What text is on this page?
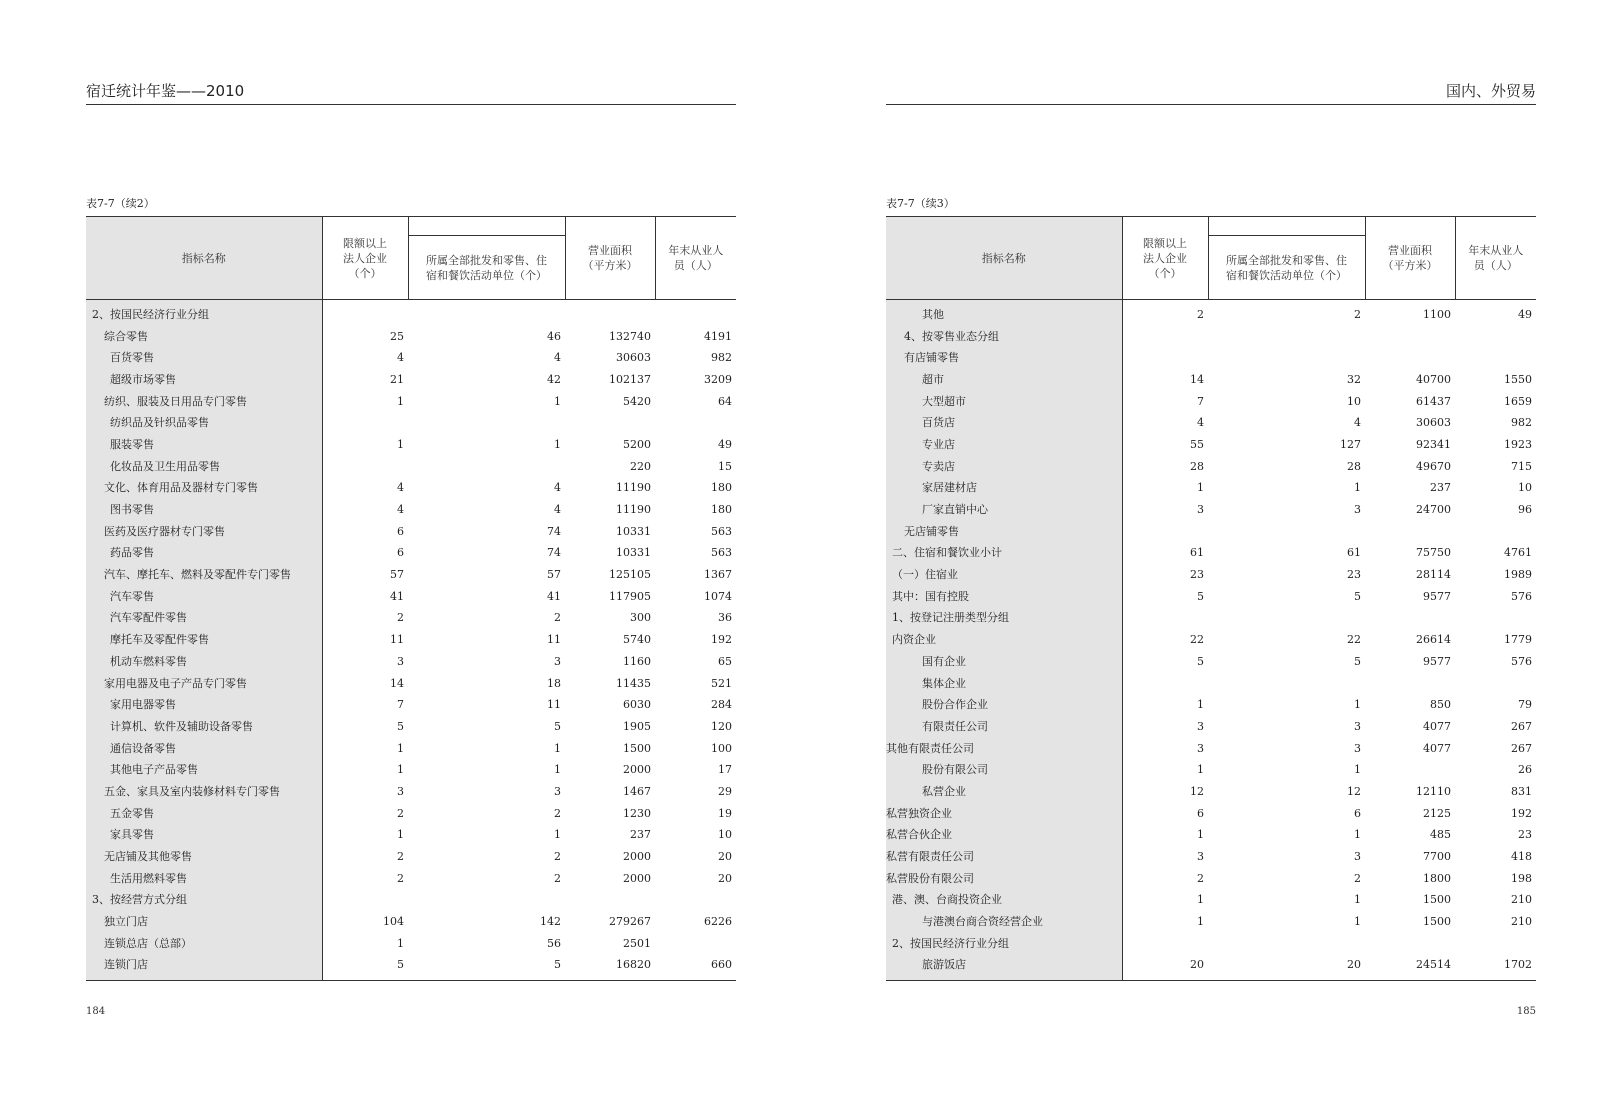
宿迁统计年鉴——2010
表7-7（续2）
指标名称	限额以上
法人企业
（个）		营业面积
（平方米）	年末从业人
员（人）
		所属全部批发和零售、住
宿和餐饮活动单位（个）		
2、按国民经济行业分组				
综合零售	25	46	132740	4191
百货零售	4	4	30603	982
超级市场零售	21	42	102137	3209
纺织、服装及日用品专门零售	1	1	5420	64
纺织品及针织品零售				
服装零售	1	1	5200	49
化妆品及卫生用品零售			220	15
文化、体育用品及器材专门零售	4	4	11190	180
图书零售	4	4	11190	180
医药及医疗器材专门零售	6	74	10331	563
药品零售	6	74	10331	563
汽车、摩托车、燃料及零配件专门零售	57	57	125105	1367
汽车零售	41	41	117905	1074
汽车零配件零售	2	2	300	36
摩托车及零配件零售	11	11	5740	192
机动车燃料零售	3	3	1160	65
家用电器及电子产品专门零售	14	18	11435	521
家用电器零售	7	11	6030	284
计算机、软件及辅助设备零售	5	5	1905	120
通信设备零售	1	1	1500	100
其他电子产品零售	1	1	2000	17
五金、家具及室内装修材料专门零售	3	3	1467	29
五金零售	2	2	1230	19
家具零售	1	1	237	10
无店铺及其他零售	2	2	2000	20
生活用燃料零售	2	2	2000	20
3、按经营方式分组				
独立门店	104	142	279267	6226
连锁总店（总部）	1	56	2501	
连锁门店	5	5	16820	660
184
国内、外贸易
表7-7（续3）
指标名称	限额以上
法人企业
（个）		营业面积
（平方米）	年末从业人
员（人）
		所属全部批发和零售、住
宿和餐饮活动单位（个）		
其他	2	2	1100	49
4、按零售业态分组				
有店铺零售				
超市	14	32	40700	1550
大型超市	7	10	61437	1659
百货店	4	4	30603	982
专业店	55	127	92341	1923
专卖店	28	28	49670	715
家居建材店	1	1	237	10
厂家直销中心	3	3	24700	96
无店铺零售				
二、住宿和餐饮业小计	61	61	75750	4761
（一）住宿业	23	23	28114	1989
其中：国有控股	5	5	9577	576
1、按登记注册类型分组				
内资企业	22	22	26614	1779
国有企业	5	5	9577	576
集体企业				
股份合作企业	1	1	850	79
有限责任公司	3	3	4077	267
其他有限责任公司	3	3	4077	267
股份有限公司	1	1		26
私营企业	12	12	12110	831
私营独资企业	6	6	2125	192
私营合伙企业	1	1	485	23
私营有限责任公司	3	3	7700	418
私营股份有限公司	2	2	1800	198
港、澳、台商投资企业	1	1	1500	210
与港澳台商合资经营企业	1	1	1500	210
2、按国民经济行业分组				
旅游饭店	20	20	24514	1702
185
